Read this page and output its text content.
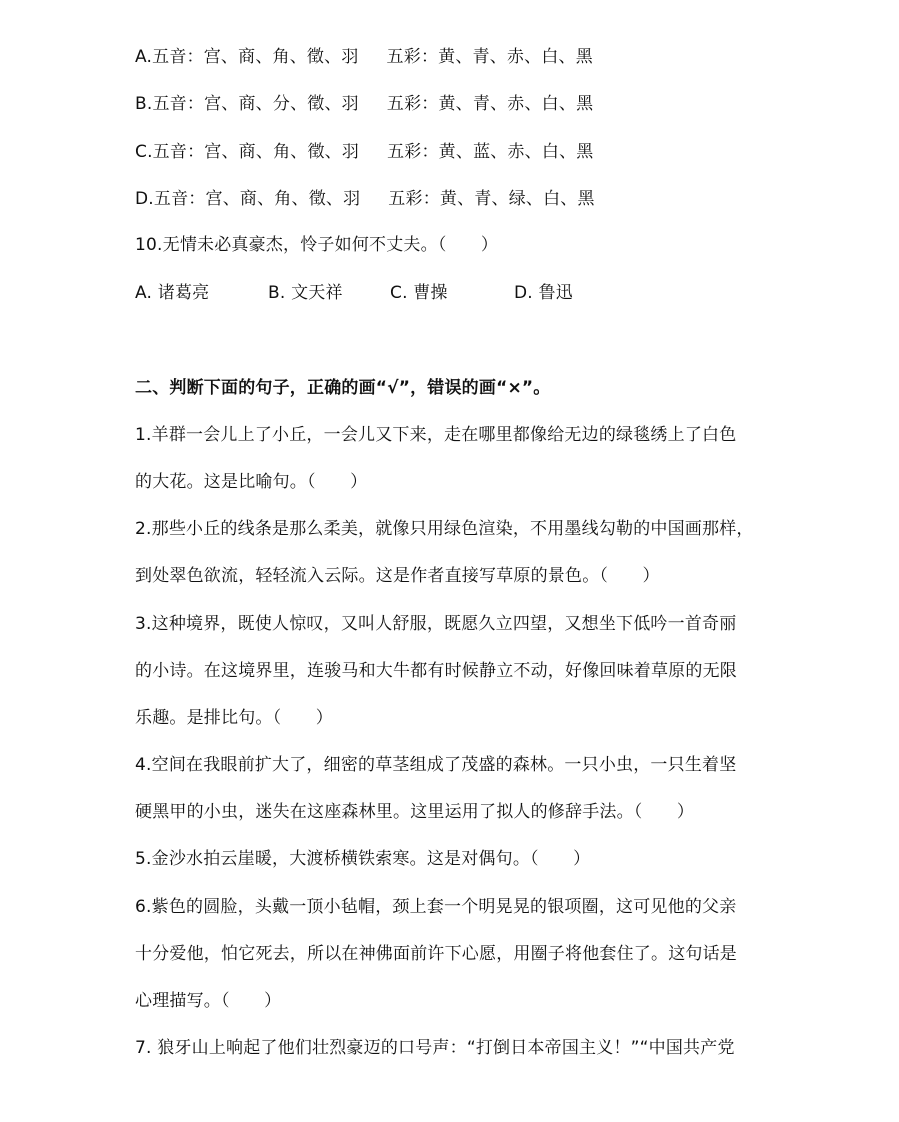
A.五音：宫、商、角、徵、羽 五彩：黄、青、赤、白、黑
B.五音：宫、商、分、徵、羽 五彩：黄、青、赤、白、黑
C.五音：宫、商、角、徵、羽 五彩：黄、蓝、赤、白、黑
D.五音：宫、商、角、徵、羽 五彩：黄、青、绿、白、黑
10.无情未必真豪杰，怜子如何不丈夫。（　　）
A. 诸葛亮	B. 文天祥	C. 曹操	D. 鲁迅
二、判断下面的句子，正确的画“√”，错误的画“×”。
1.羊群一会儿上了小丘，一会儿又下来，走在哪里都像给无边的绿毯绣上了白色
的大花。这是比喻句。（　　）
2.那些小丘的线条是那么柔美，就像只用绿色渲染，不用墨线勾勒的中国画那样，
到处翠色欲流，轻轻流入云际。这是作者直接写草原的景色。（　　）
3.这种境界，既使人惊叹，又叫人舒服，既愿久立四望，又想坐下低吟一首奇丽
的小诗。在这境界里，连骏马和大牛都有时候静立不动，好像回味着草原的无限
乐趣。是排比句。（　　）
4.空间在我眼前扩大了，细密的草茎组成了茂盛的森林。一只小虫，一只生着坚
硬黑甲的小虫，迷失在这座森林里。这里运用了拟人的修辞手法。（　　）
5.金沙水拍云崖暖，大渡桥横铁索寒。这是对偶句。（　　）
6.紫色的圆脸，头戴一顶小毡帽，颈上套一个明晃晃的银项圈，这可见他的父亲
十分爱他，怕它死去，所以在神佛面前许下心愿，用圈子将他套住了。这句话是
心理描写。（　　）
7. 狼牙山上响起了他们壮烈豪迈的口号声：“打倒日本帝国主义！”“中国共产党
